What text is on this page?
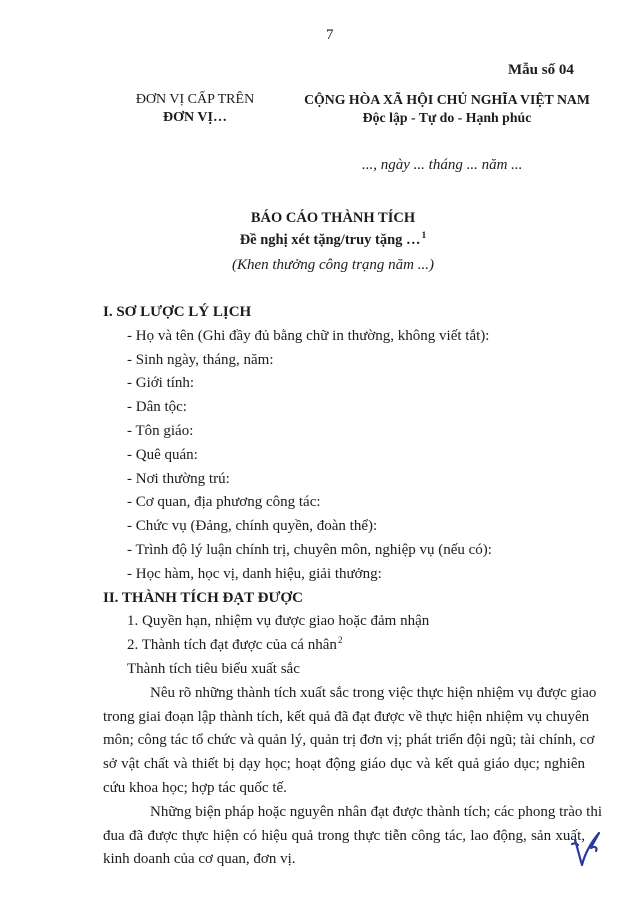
7
Mẫu số 04
ĐƠN VỊ CẤP TRÊN
ĐƠN VỊ…
CỘNG HÒA XÃ HỘI CHỦ NGHĨA VIỆT NAM
Độc lập - Tự do - Hạnh phúc
..., ngày ... tháng ... năm ...
BÁO CÁO THÀNH TÍCH
Đề nghị xét tặng/truy tặng …$^1$
(Khen thưởng công trạng năm ...)
I. SƠ LƯỢC LÝ LỊCH
- Họ và tên (Ghi đầy đủ bằng chữ in thường, không viết tắt):
- Sinh ngày, tháng, năm:
- Giới tính:
- Dân tộc:
- Tôn giáo:
- Quê quán:
- Nơi thường trú:
- Cơ quan, địa phương công tác:
- Chức vụ (Đảng, chính quyền, đoàn thể):
- Trình độ lý luận chính trị, chuyên môn, nghiệp vụ (nếu có):
- Học hàm, học vị, danh hiệu, giải thưởng:
II. THÀNH TÍCH ĐẠT ĐƯỢC
1. Quyền hạn, nhiệm vụ được giao hoặc đảm nhận
2. Thành tích đạt được của cá nhân$^2$
Thành tích tiêu biểu xuất sắc
Nêu rõ những thành tích xuất sắc trong việc thực hiện nhiệm vụ được giao
trong giai đoạn lập thành tích, kết quả đã đạt được về thực hiện nhiệm vụ chuyên
môn; công tác tổ chức và quản lý, quản trị đơn vị; phát triển đội ngũ; tài chính, cơ
sở vật chất và thiết bị dạy học; hoạt động giáo dục và kết quả giáo dục; nghiên
cứu khoa học; hợp tác quốc tế.
Những biện pháp hoặc nguyên nhân đạt được thành tích; các phong trào thi
đua đã được thực hiện có hiệu quả trong thực tiễn công tác, lao động, sản xuất,
kinh doanh của cơ quan, đơn vị.
